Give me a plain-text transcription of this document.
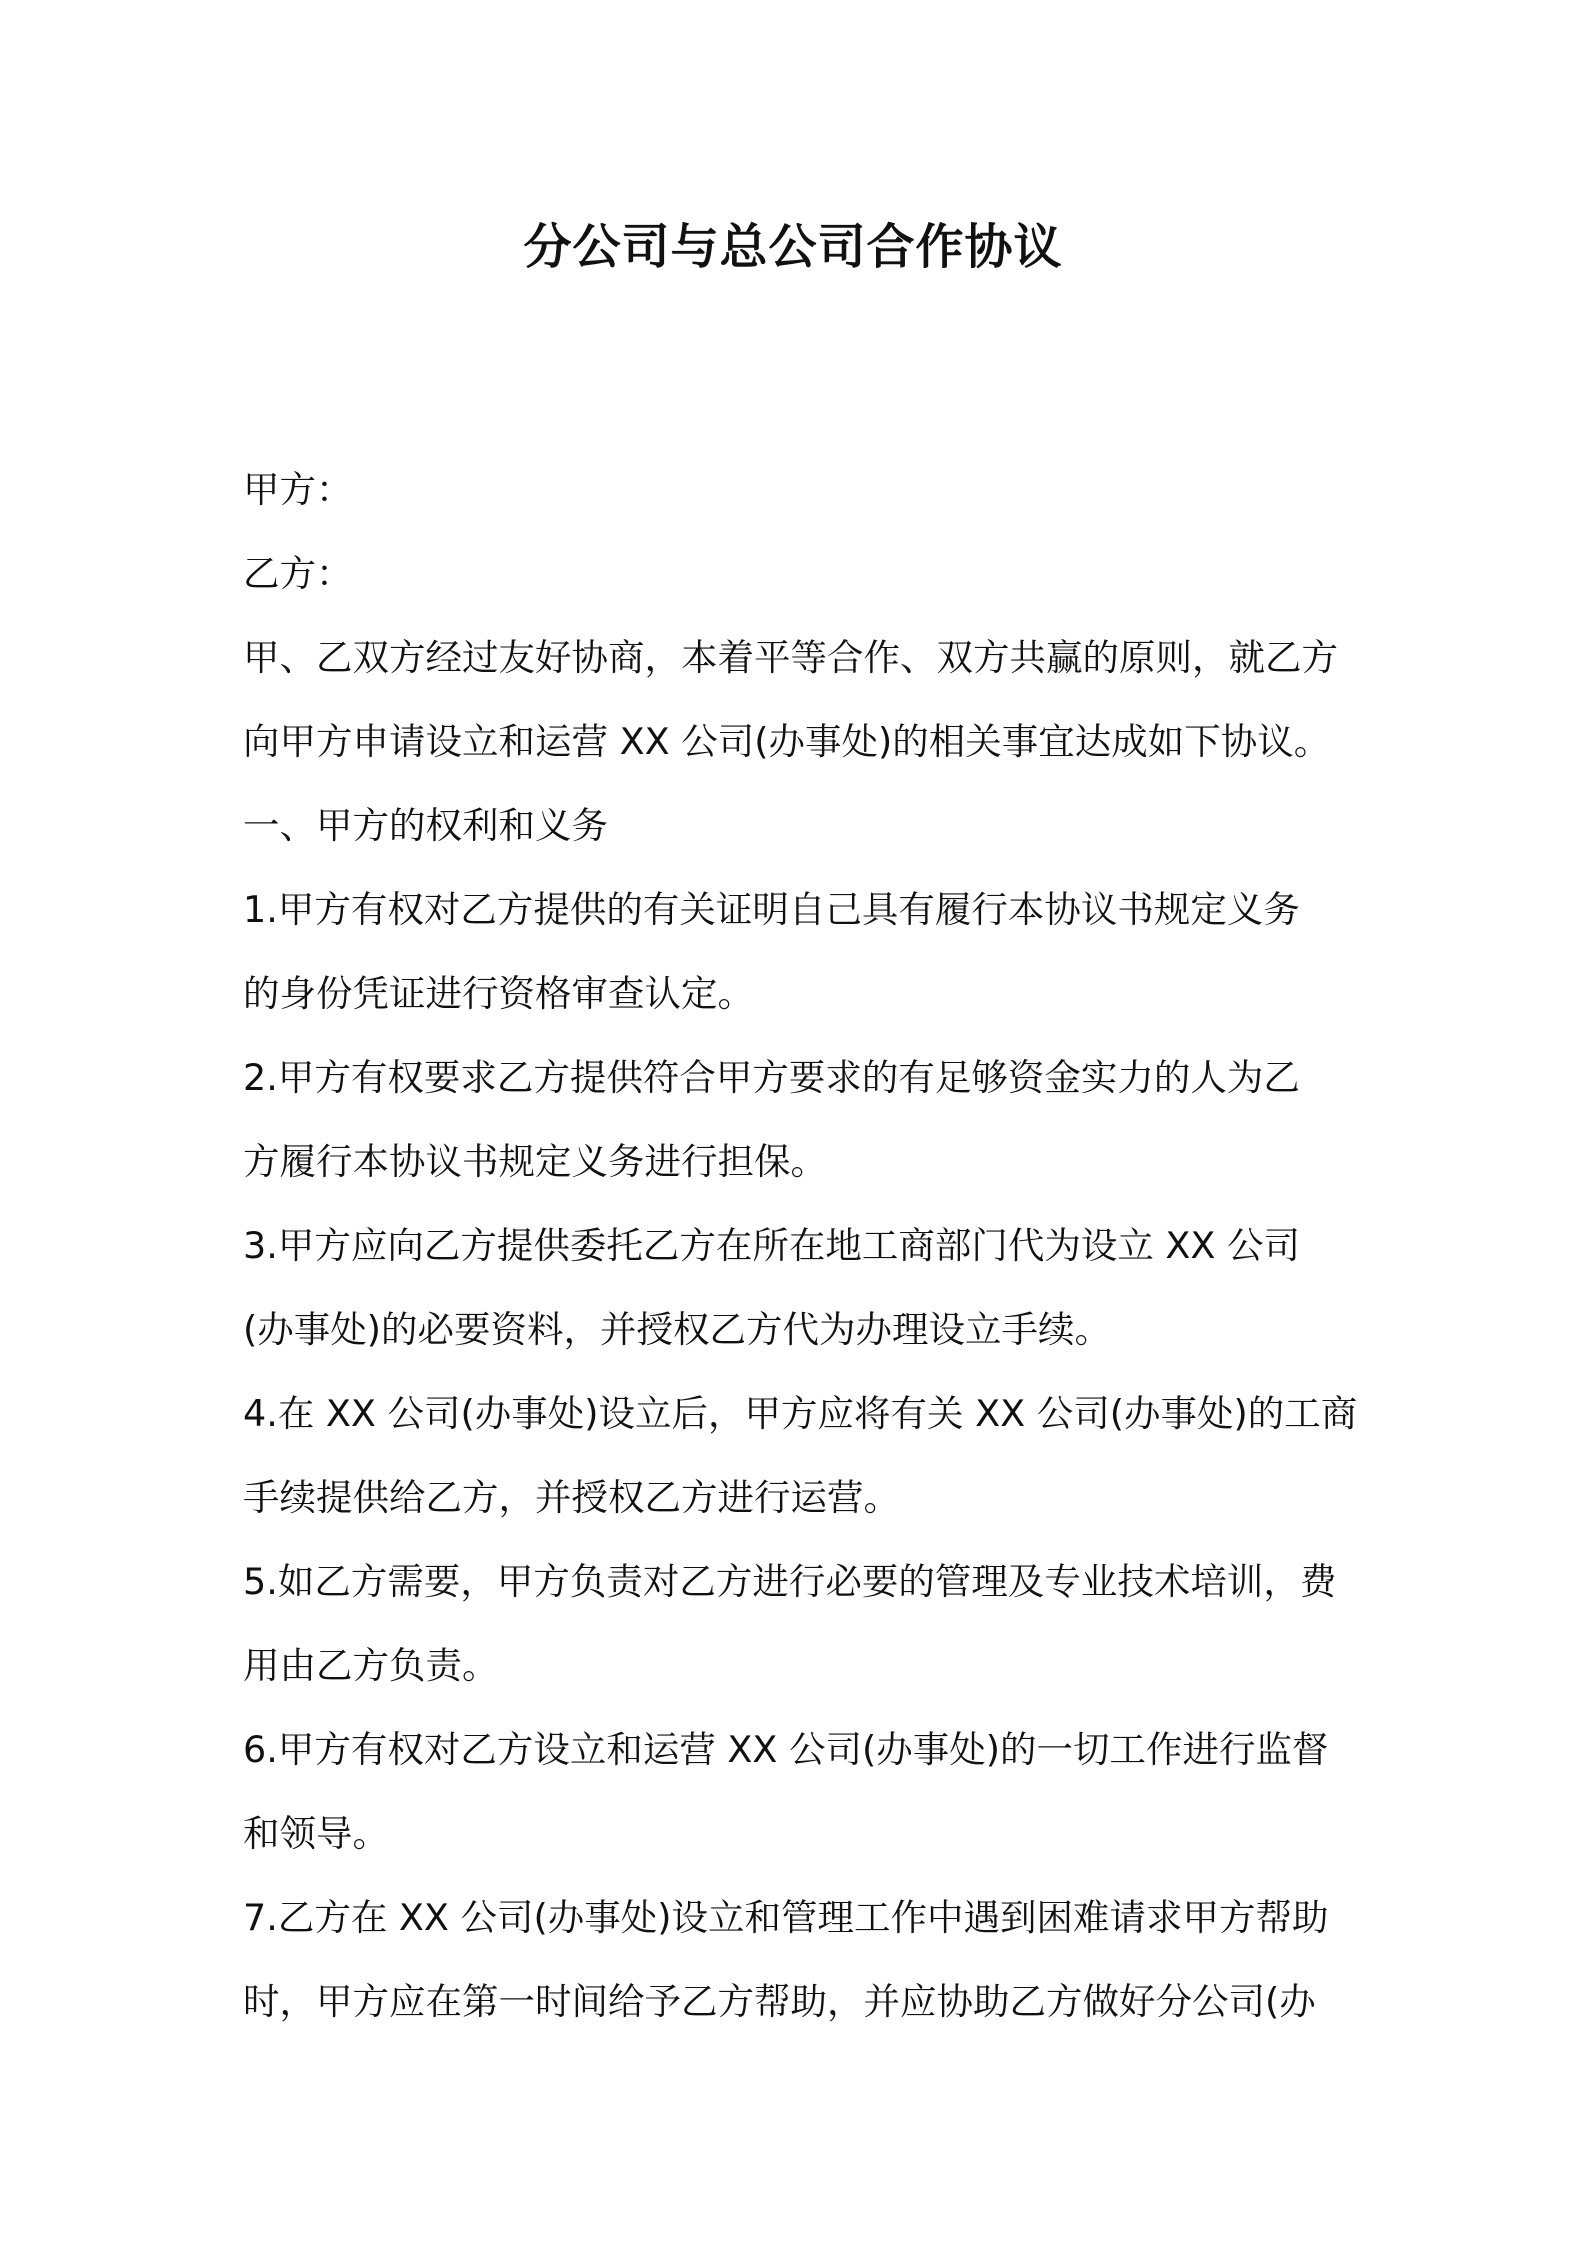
分公司与总公司合作协议

甲方：

乙方：

甲、乙双方经过友好协商，本着平等合作、双方共赢的原则，就乙方

向甲方申请设立和运营 XX 公司(办事处)的相关事宜达成如下协议。

一、甲方的权利和义务

1.甲方有权对乙方提供的有关证明自己具有履行本协议书规定义务

的身份凭证进行资格审查认定。

2.甲方有权要求乙方提供符合甲方要求的有足够资金实力的人为乙

方履行本协议书规定义务进行担保。

3.甲方应向乙方提供委托乙方在所在地工商部门代为设立 XX 公司

(办事处)的必要资料，并授权乙方代为办理设立手续。

4.在 XX 公司(办事处)设立后，甲方应将有关 XX 公司(办事处)的工商

手续提供给乙方，并授权乙方进行运营。

5.如乙方需要，甲方负责对乙方进行必要的管理及专业技术培训，费

用由乙方负责。

6.甲方有权对乙方设立和运营 XX 公司(办事处)的一切工作进行监督

和领导。

7.乙方在 XX 公司(办事处)设立和管理工作中遇到困难请求甲方帮助

时，甲方应在第一时间给予乙方帮助，并应协助乙方做好分公司(办
